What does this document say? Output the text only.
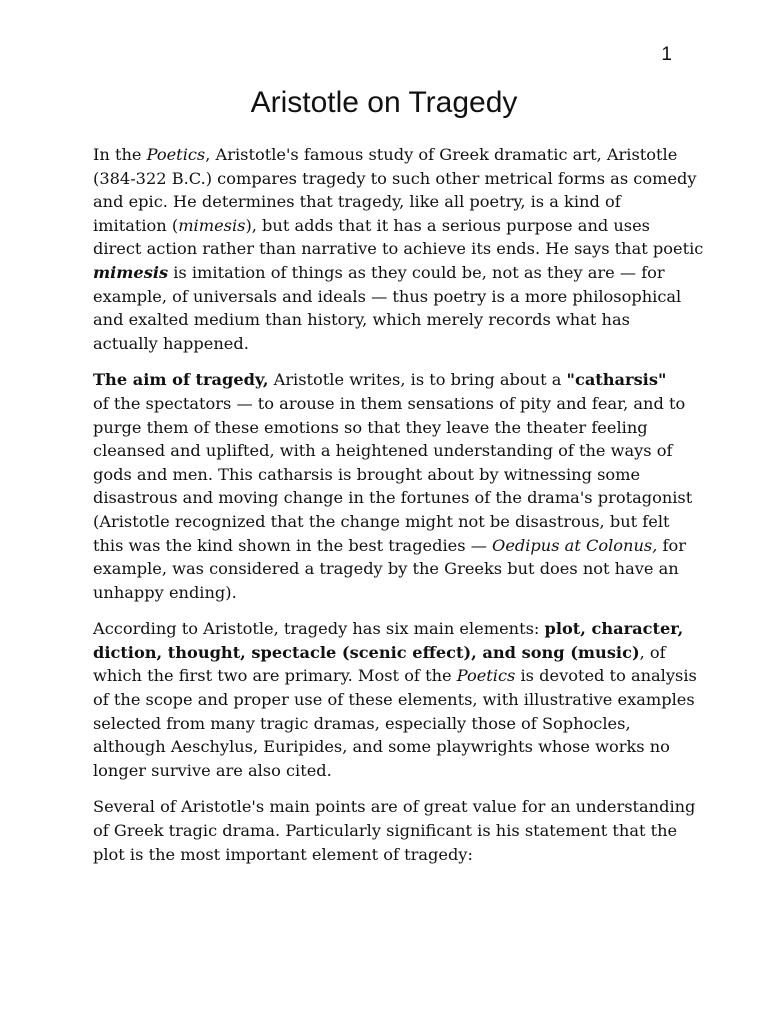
1
Aristotle on Tragedy

In the Poetics, Aristotle's famous study of Greek dramatic art, Aristotle
(384-322 B.C.) compares tragedy to such other metrical forms as comedy
and epic. He determines that tragedy, like all poetry, is a kind of
imitation (mimesis), but adds that it has a serious purpose and uses
direct action rather than narrative to achieve its ends. He says that poetic
mimesis is imitation of things as they could be, not as they are — for
example, of universals and ideals — thus poetry is a more philosophical
and exalted medium than history, which merely records what has
actually happened.

The aim of tragedy, Aristotle writes, is to bring about a "catharsis"
of the spectators — to arouse in them sensations of pity and fear, and to
purge them of these emotions so that they leave the theater feeling
cleansed and uplifted, with a heightened understanding of the ways of
gods and men. This catharsis is brought about by witnessing some
disastrous and moving change in the fortunes of the drama's protagonist
(Aristotle recognized that the change might not be disastrous, but felt
this was the kind shown in the best tragedies — Oedipus at Colonus, for
example, was considered a tragedy by the Greeks but does not have an
unhappy ending).

According to Aristotle, tragedy has six main elements: plot, character,
diction, thought, spectacle (scenic effect), and song (music), of
which the first two are primary. Most of the Poetics is devoted to analysis
of the scope and proper use of these elements, with illustrative examples
selected from many tragic dramas, especially those of Sophocles,
although Aeschylus, Euripides, and some playwrights whose works no
longer survive are also cited.

Several of Aristotle's main points are of great value for an understanding
of Greek tragic drama. Particularly significant is his statement that the
plot is the most important element of tragedy:
